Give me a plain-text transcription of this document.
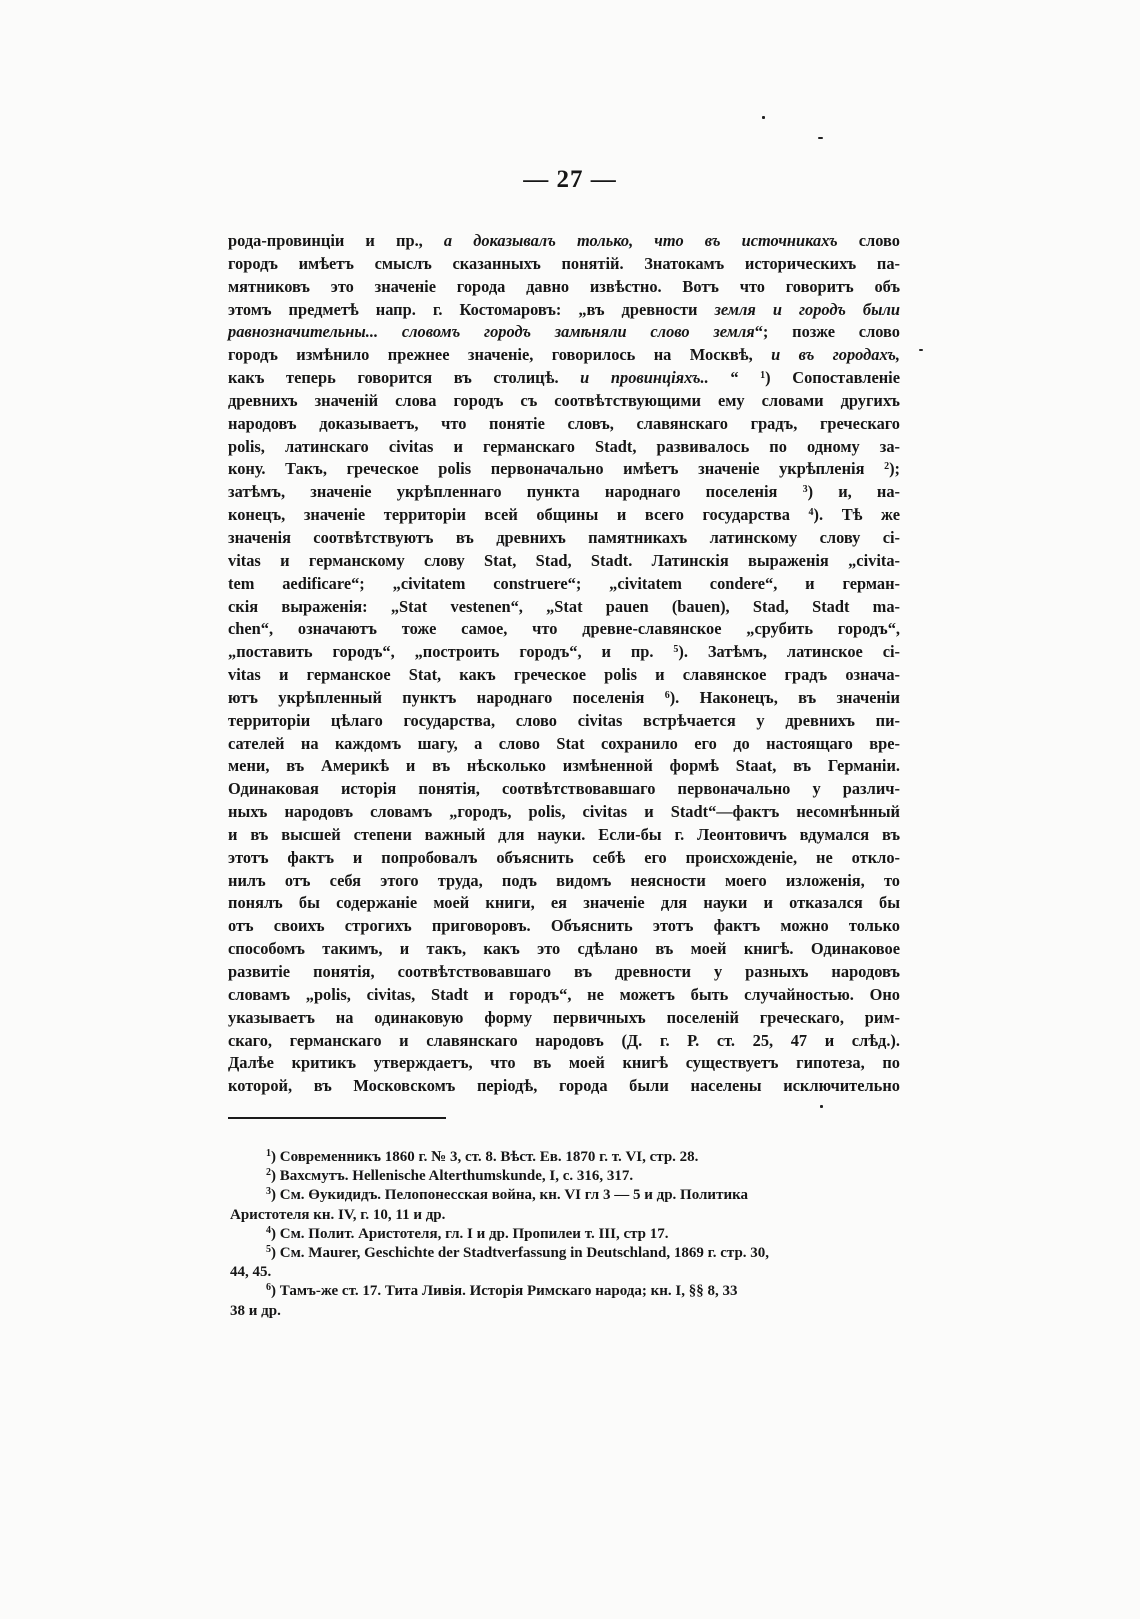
— 27 —
рода-провинціи и пр., а доказывалъ только, что въ источникахъ слово
городъ имѣетъ смыслъ сказанныхъ понятій. Знатокамъ историческихъ па-
мятниковъ это значеніе города давно извѣстно. Вотъ что говоритъ объ
этомъ предметѣ напр. г. Костомаровъ: „въ древности земля и городъ были
равнозначительны... словомъ городъ замѣняли слово земля“; позже слово
городъ измѣнило прежнее значеніе, говорилось на Москвѣ, и въ городахъ,
какъ теперь говорится въ столицѣ. и провинціяхъ.. “ $^1$) Сопоставленіе
древнихъ значеній слова городъ съ соотвѣтствующими ему словами другихъ
народовъ доказываетъ, что понятіе словъ, славянскаго градъ, греческаго
polis, латинскаго civitas и германскаго Stadt, развивалось по одному за-
кону. Такъ, греческое polis первоначально имѣетъ значеніе укрѣпленія $^2$);
затѣмъ, значеніе укрѣпленнаго пункта народнаго поселенія $^3$) и, на-
конецъ, значеніе территоріи всей общины и всего государства $^4$). Тѣ же
значенія соотвѣтствуютъ въ древнихъ памятникахъ латинскому слову ci-
vitas и германскому слову Stat, Stad, Stadt. Латинскія выраженія „civita-
tem aedificare“; „civitatem construere“; „civitatem condere“, и герман-
скія выраженія: „Stat vestenen“, „Stat pauen (bauen), Stad, Stadt ma-
chen“, означаютъ тоже самое, что древне-славянское „срубить городъ“,
„поставить городъ“, „построить городъ“, и пр. $^5$). Затѣмъ, латинское ci-
vitas и германское Stat, какъ греческое polis и славянское градъ означа-
ютъ укрѣпленный пунктъ народнаго поселенія $^6$). Наконецъ, въ значеніи
территоріи цѣлаго государства, слово civitas встрѣчается у древнихъ пи-
сателей на каждомъ шагу, а слово Stat сохранило его до настоящаго вре-
мени, въ Америкѣ и въ нѣсколько измѣненной формѣ Staat, въ Германіи.
Одинаковая исторія понятія, соотвѣтствовавшаго первоначально у различ-
ныхъ народовъ словамъ „городъ, polis, civitas и Stadt“—фактъ несомнѣнный
и въ высшей степени важный для науки. Если-бы г. Леонтовичъ вдумался въ
этотъ фактъ и попробовалъ объяснить себѣ его происхожденіе, не откло-
нилъ отъ себя этого труда, подъ видомъ неясности моего изложенія, то
понялъ бы содержаніе моей книги, ея значеніе для науки и отказался бы
отъ своихъ строгихъ приговоровъ. Объяснить этотъ фактъ можно только
способомъ такимъ, и такъ, какъ это сдѣлано въ моей книгѣ. Одинаковое
развитіе понятія, соотвѣтствовавшаго въ древности у разныхъ народовъ
словамъ „polis, civitas, Stadt и городъ“, не можетъ быть случайностью. Оно
указываетъ на одинаковую форму первичныхъ поселеній греческаго, рим-
скаго, германскаго и славянскаго народовъ (Д. г. Р. ст. 25, 47 и слѣд.).
Далѣе критикъ утверждаетъ, что въ моей книгѣ существуетъ гипотеза, по
которой, въ Московскомъ періодѣ, города были населены исключительно
$^1$) Современникъ 1860 г. № 3, ст. 8. Вѣст. Ев. 1870 г. т. VI, стр. 28.
$^2$) Вахсмутъ. Hellenische Alterthumskunde, I, с. 316, 317.
$^3$) См. Өукидидъ. Пелопонесская война, кн. VI гл 3 — 5 и др. Политика
Аристотеля кн. IV, г. 10, 11 и др.
$^4$) См. Полит. Аристотеля, гл. I и др. Пропилеи т. III, стр 17.
$^5$) См. Maurer, Geschichte der Stadtverfassung in Deutschland, 1869 г. стр. 30,
44, 45.
$^6$) Тамъ-же ст. 17. Тита Ливія. Исторія Римскаго народа; кн. I, §§ 8, 33
38 и др.
